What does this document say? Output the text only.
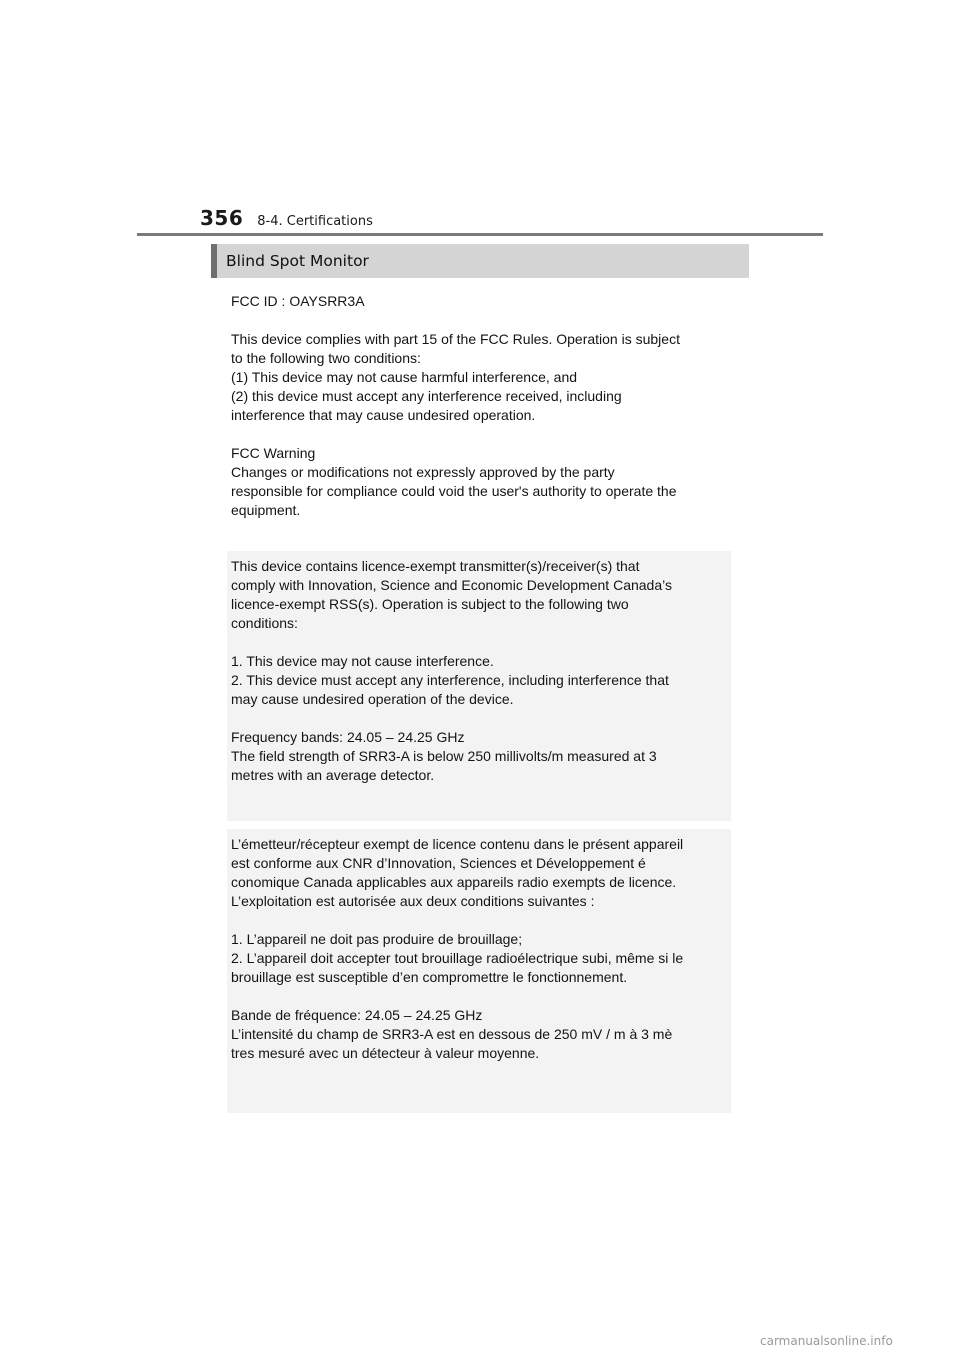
356 8-4. Certifications
Blind Spot Monitor
FCC ID : OAYSRR3A
This device complies with part 15 of the FCC Rules. Operation is subject
to the following two conditions:
(1) This device may not cause harmful interference, and
(2) this device must accept any interference received, including
interference that may cause undesired operation.
FCC Warning
Changes or modifications not expressly approved by the party
responsible for compliance could void the user's authority to operate the
equipment.
This device contains licence-exempt transmitter(s)/receiver(s) that
comply with Innovation, Science and Economic Development Canada’s
licence-exempt RSS(s). Operation is subject to the following two
conditions:
1. This device may not cause interference.
2. This device must accept any interference, including interference that
may cause undesired operation of the device.
Frequency bands: 24.05 – 24.25 GHz
The field strength of SRR3-A is below 250 millivolts/m measured at 3
metres with an average detector.
L’émetteur/récepteur exempt de licence contenu dans le présent appareil
est conforme aux CNR d’Innovation, Sciences et Développement é
conomique Canada applicables aux appareils radio exempts de licence.
L’exploitation est autorisée aux deux conditions suivantes :
1. L’appareil ne doit pas produire de brouillage;
2. L’appareil doit accepter tout brouillage radioélectrique subi, même si le
brouillage est susceptible d’en compromettre le fonctionnement.
Bande de fréquence: 24.05 – 24.25 GHz
L’intensité du champ de SRR3-A est en dessous de 250 mV / m à 3 mè
tres mesuré avec un détecteur à valeur moyenne.
carmanualsonline.info
